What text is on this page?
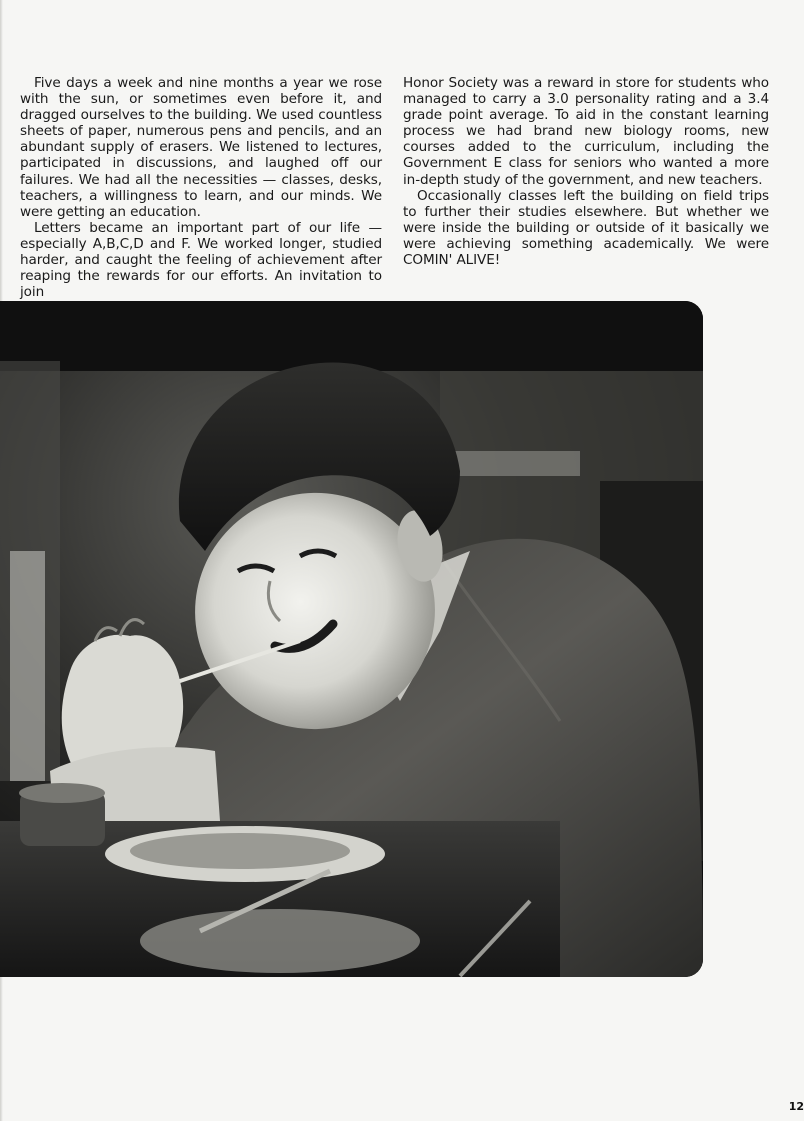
Five days a week and nine months a year we rose with the sun, or sometimes even before it, and dragged ourselves to the building. We used countless sheets of paper, numerous pens and pencils, and an abundant supply of erasers. We listened to lectures, participated in discussions, and laughed off our failures. We had all the necessities — classes, desks, teachers, a willingness to learn, and our minds. We were getting an education.

Letters became an important part of our life — especially A,B,C,D and F. We worked longer, studied harder, and caught the feeling of achievement after reaping the rewards for our efforts. An invitation to join

Honor Society was a reward in store for students who managed to carry a 3.0 personality rating and a 3.4 grade point average. To aid in the constant learning process we had brand new biology rooms, new courses added to the curriculum, including the Government E class for seniors who wanted a more in-depth study of the government, and new teachers.

Occasionally classes left the building on field trips to further their studies elsewhere. But whether we were inside the building or outside of it basically we were achieving something academically. We were COMIN' ALIVE!

12
